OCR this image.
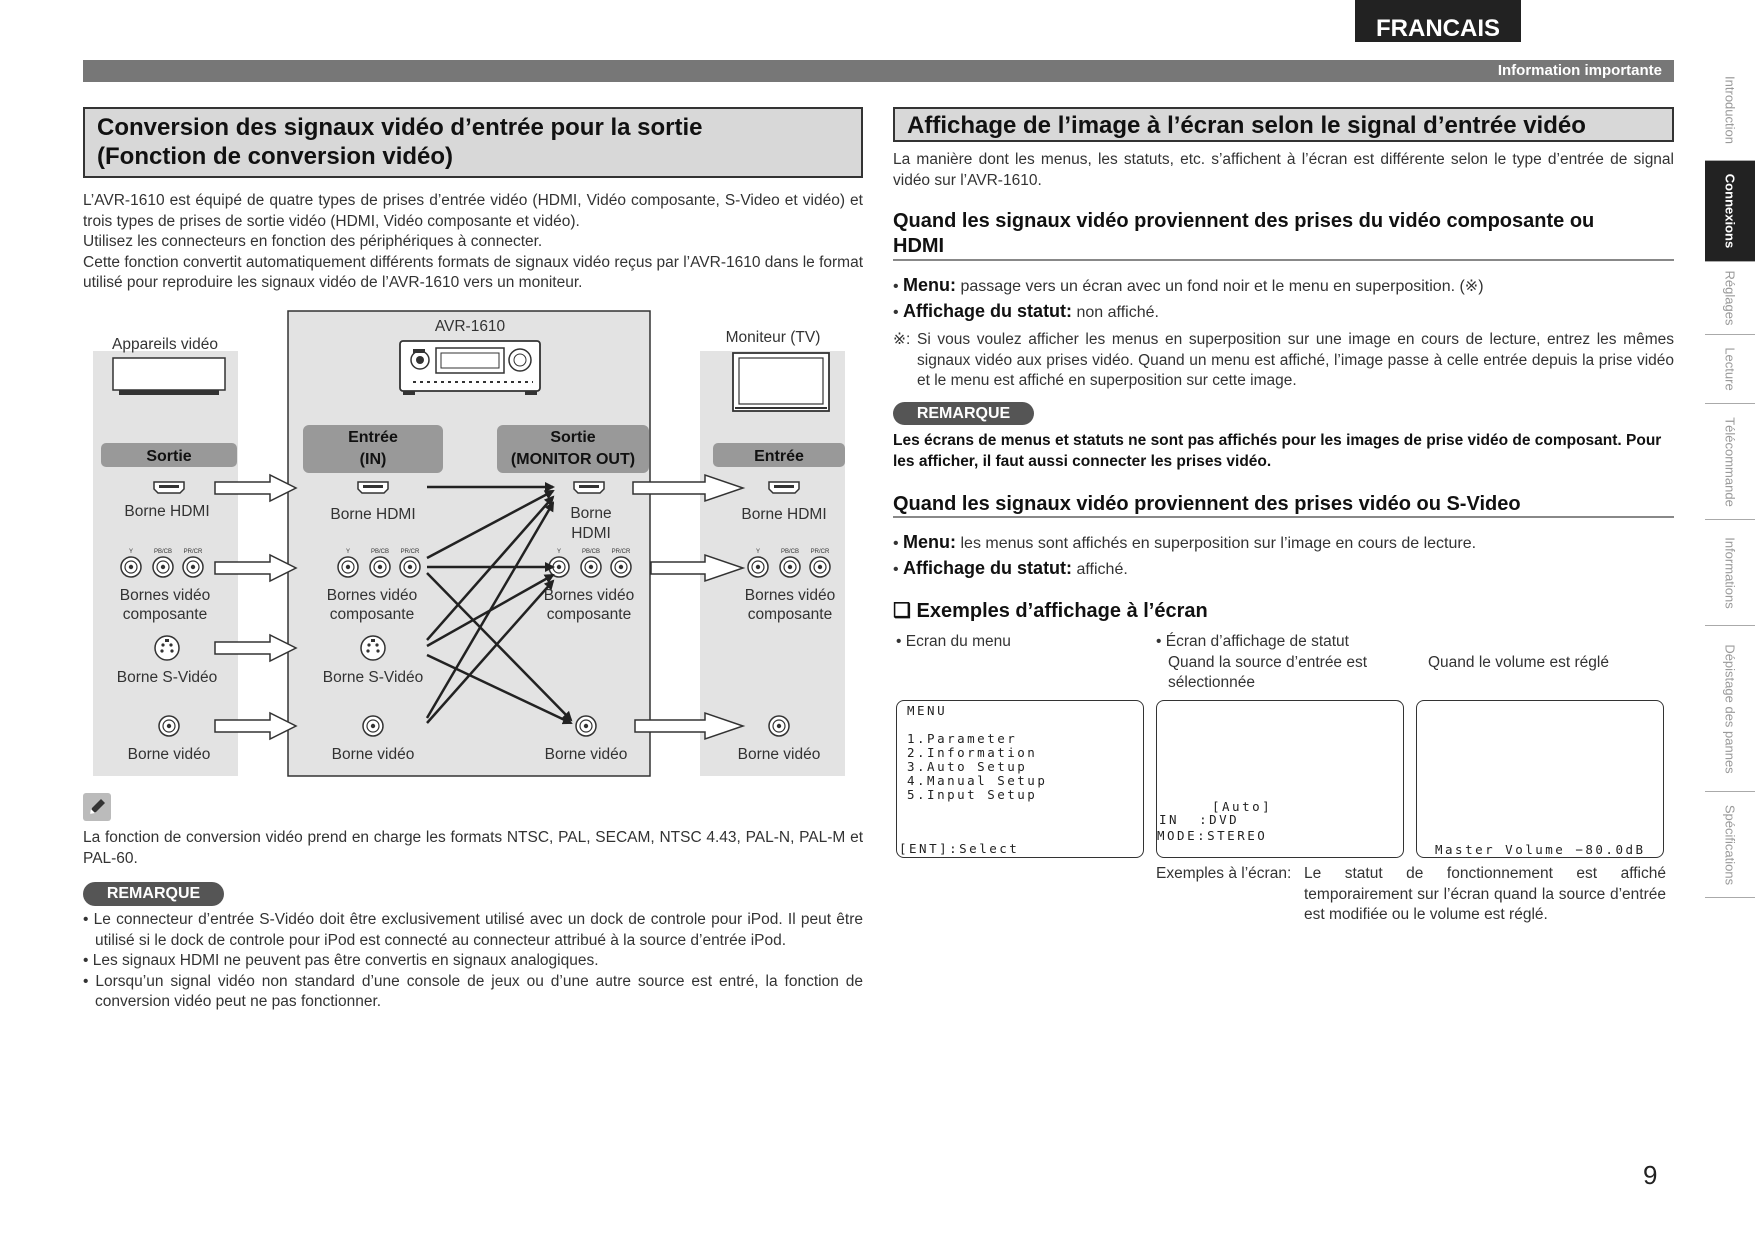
FRANCAIS
Information importante
Introduction
Connexions
Réglages
Lecture
Télécommande
Informations
Dépistage des pannes
Spécifications
Conversion des signaux vidéo d’entrée pour la sortie
(Fonction de conversion vidéo)
L’AVR-1610 est équipé de quatre types de prises d’entrée vidéo (HDMI, Vidéo composante, S-Video et vidéo) et trois types de prises de sortie vidéo (HDMI, Vidéo composante et vidéo).
Utilisez les connecteurs en fonction des périphériques à connecter.
Cette fonction convertit automatiquement différents formats de signaux vidéo reçus par l’AVR-1610 dans le format utilisé pour reproduire les signaux vidéo de l’AVR-1610 vers un moniteur.
Appareils vidéo
AVR-1610
Moniteur (TV)
Sortie
Entrée
(IN)
Sortie
(MONITOR OUT)	Entrée
Borne HDMI	Borne HDMI	Borne
HDMI
Borne HDMI
Y	PB/CB PR/CR	Y	PB/CB PR/CR	Y	PB/CB PR/CR	Y	PB/CB PR/CR
Bornes vidéo
composante
Bornes vidéo
composante
Bornes vidéo
composante
Bornes vidéo
composante
Borne S-Vidéo	Borne S-Vidéo
Borne vidéo	Borne vidéo	Borne vidéo	Borne vidéo
La fonction de conversion vidéo prend en charge les formats NTSC, PAL, SECAM, NTSC 4.43, PAL-N, PAL-M et PAL-60.
REMARQUE
• Le connecteur d’entrée S-Vidéo doit être exclusivement utilisé avec un dock de controle pour iPod. Il peut être utilisé si le dock de controle pour iPod est connecté au connecteur attribué à la source d’entrée iPod.
• Les signaux HDMI ne peuvent pas être convertis en signaux analogiques.
• Lorsqu’un signal vidéo non standard d’une console de jeux ou d’une autre source est entré, la fonction de conversion vidéo peut ne pas fonctionner.
Affichage de l’image à l’écran selon le signal d’entrée vidéo
La manière dont les menus, les statuts, etc. s’affichent à l’écran est différente selon le type d’entrée de signal vidéo sur l’AVR-1610.
Quand les signaux vidéo proviennent des prises du vidéo composante ou
HDMI
• Menu: passage vers un écran avec un fond noir et le menu en superposition. (※)
• Affichage du statut: non affiché.
※: Si vous voulez afficher les menus en superposition sur une image en cours de lecture, entrez les mêmes signaux vidéo aux prises vidéo. Quand un menu est affiché, l’image passe à celle entrée depuis la prise vidéo et le menu est affiché en superposition sur cette image.
REMARQUE
Les écrans de menus et statuts ne sont pas affichés pour les images de prise vidéo de composant. Pour les afficher, il faut aussi connecter les prises vidéo.
Quand les signaux vidéo proviennent des prises vidéo ou S-Video
• Menu: les menus sont affichés en superposition sur l’image en cours de lecture.
• Affichage du statut: affiché.
❑ Exemples d’affichage à l’écran
• Ecran du menu	• Écran d’affichage de statut
Quand la source d’entrée est
sélectionnée
Quand le volume est réglé
MENU
1.Parameter
2.Information
3.Auto Setup
4.Manual Setup
5.Input Setup
[ENT]:Select
[Auto]
IN  :DVD
MODE:STEREO
Master Volume −80.0dB
Exemples à l’écran: Le statut de fonctionnement est affiché temporairement sur l’écran quand la source d’entrée est modifiée ou le volume est réglé.
9
